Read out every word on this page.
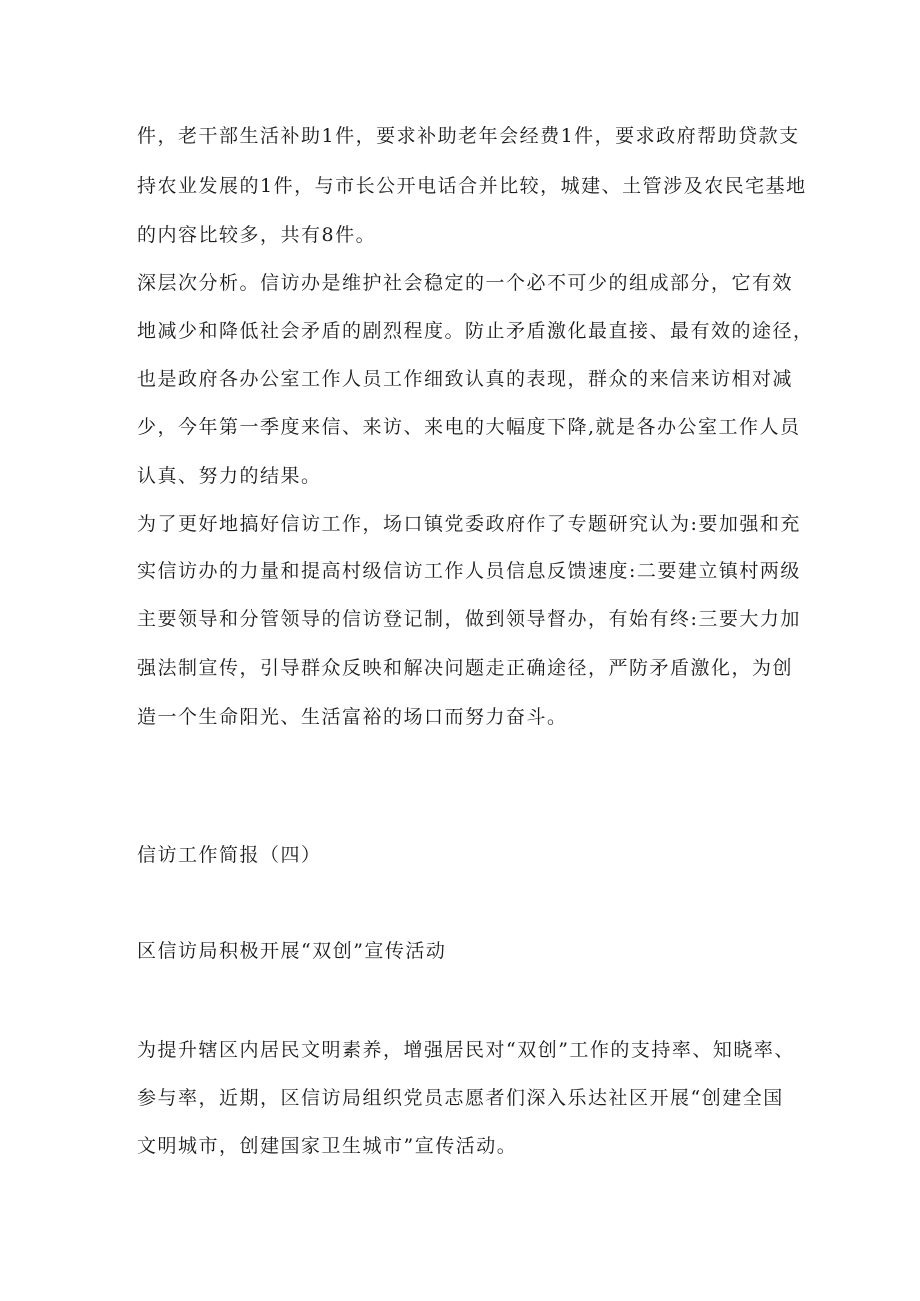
件，老干部生活补助1件，要求补助老年会经费1件，要求政府帮助贷款支

持农业发展的1件，与市长公开电话合并比较，城建、土管涉及农民宅基地

的内容比较多，共有8件。

深层次分析。信访办是维护社会稳定的一个必不可少的组成部分，它有效

地减少和降低社会矛盾的剧烈程度。防止矛盾激化最直接、最有效的途径，

也是政府各办公室工作人员工作细致认真的表现，群众的来信来访相对减

少，今年第一季度来信、来访、来电的大幅度下降,就是各办公室工作人员

认真、努力的结果。

为了更好地搞好信访工作，场口镇党委政府作了专题研究认为:要加强和充

实信访办的力量和提高村级信访工作人员信息反馈速度:二要建立镇村两级

主要领导和分管领导的信访登记制，做到领导督办，有始有终:三要大力加

强法制宣传，引导群众反映和解决问题走正确途径，严防矛盾激化，为创

造一个生命阳光、生活富裕的场口而努力奋斗。

信访工作简报（四）

区信访局积极开展“双创”宣传活动

为提升辖区内居民文明素养，增强居民对“双创”工作的支持率、知晓率、

参与率，近期，区信访局组织党员志愿者们深入乐达社区开展“创建全国

文明城市，创建国家卫生城市”宣传活动。
